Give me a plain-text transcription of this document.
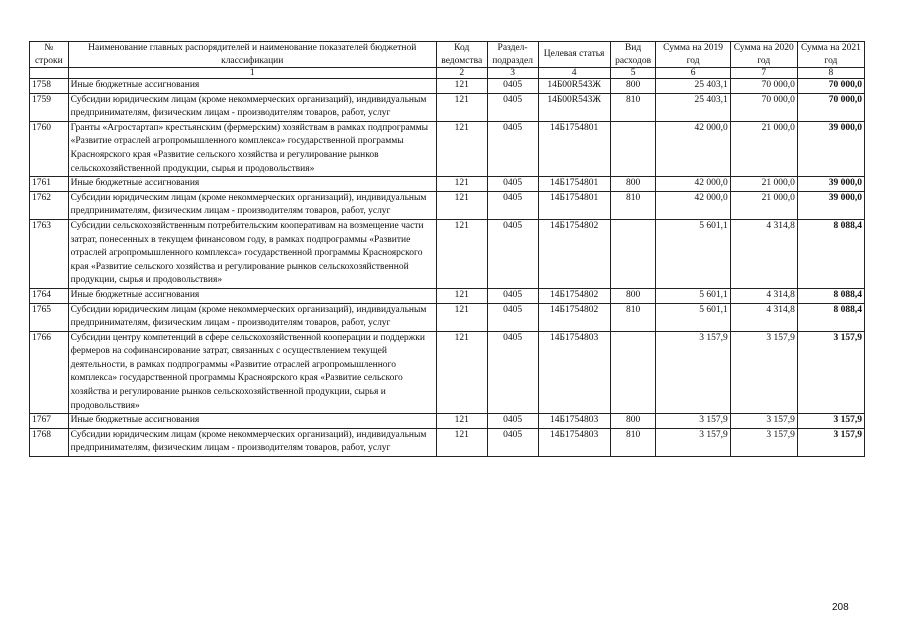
№ строки	Наименование главных распорядителей и наименование показателей бюджетной классификации	Код ведомства	Раздел-подраздел	Целевая статья	Вид расходов	Сумма на 2019 год	Сумма на 2020 год	Сумма на 2021 год
	1	2	3	4	5	6	7	8
1758	Иные бюджетные ассигнования	121	0405	14Б00R543Ж	800	25 403,1	70 000,0	70 000,0
1759	Субсидии юридическим лицам (кроме некоммерческих организаций), индивидуальным предпринимателям, физическим лицам - производителям товаров, работ, услуг	121	0405	14Б00R543Ж	810	25 403,1	70 000,0	70 000,0
1760	Гранты «Агростартап» крестьянским (фермерским) хозяйствам в рамках подпрограммы «Развитие отраслей агропромышленного комплекса» государственной программы Красноярского края «Развитие сельского хозяйства и регулирование рынков сельскохозяйственной продукции, сырья и продовольствия»	121	0405	14Б1754801		42 000,0	21 000,0	39 000,0
1761	Иные бюджетные ассигнования	121	0405	14Б1754801	800	42 000,0	21 000,0	39 000,0
1762	Субсидии юридическим лицам (кроме некоммерческих организаций), индивидуальным предпринимателям, физическим лицам - производителям товаров, работ, услуг	121	0405	14Б1754801	810	42 000,0	21 000,0	39 000,0
1763	Субсидии сельскохозяйственным потребительским кооперативам на возмещение части затрат, понесенных в текущем финансовом году, в рамках подпрограммы «Развитие отраслей агропромышленного комплекса» государственной программы Красноярского края «Развитие сельского хозяйства и регулирование рынков сельскохозяйственной продукции, сырья и продовольствия»	121	0405	14Б1754802		5 601,1	4 314,8	8 088,4
1764	Иные бюджетные ассигнования	121	0405	14Б1754802	800	5 601,1	4 314,8	8 088,4
1765	Субсидии юридическим лицам (кроме некоммерческих организаций), индивидуальным предпринимателям, физическим лицам - производителям товаров, работ, услуг	121	0405	14Б1754802	810	5 601,1	4 314,8	8 088,4
1766	Субсидии центру компетенций в сфере сельскохозяйственной кооперации и поддержки фермеров на софинансирование затрат, связанных с осуществлением текущей деятельности, в рамках подпрограммы «Развитие отраслей агропромышленного комплекса» государственной программы Красноярского края «Развитие сельского хозяйства и регулирование рынков сельскохозяйственной продукции, сырья и продовольствия»	121	0405	14Б1754803		3 157,9	3 157,9	3 157,9
1767	Иные бюджетные ассигнования	121	0405	14Б1754803	800	3 157,9	3 157,9	3 157,9
1768	Субсидии юридическим лицам (кроме некоммерческих организаций), индивидуальным предпринимателям, физическим лицам - производителям товаров, работ, услуг	121	0405	14Б1754803	810	3 157,9	3 157,9	3 157,9
208
